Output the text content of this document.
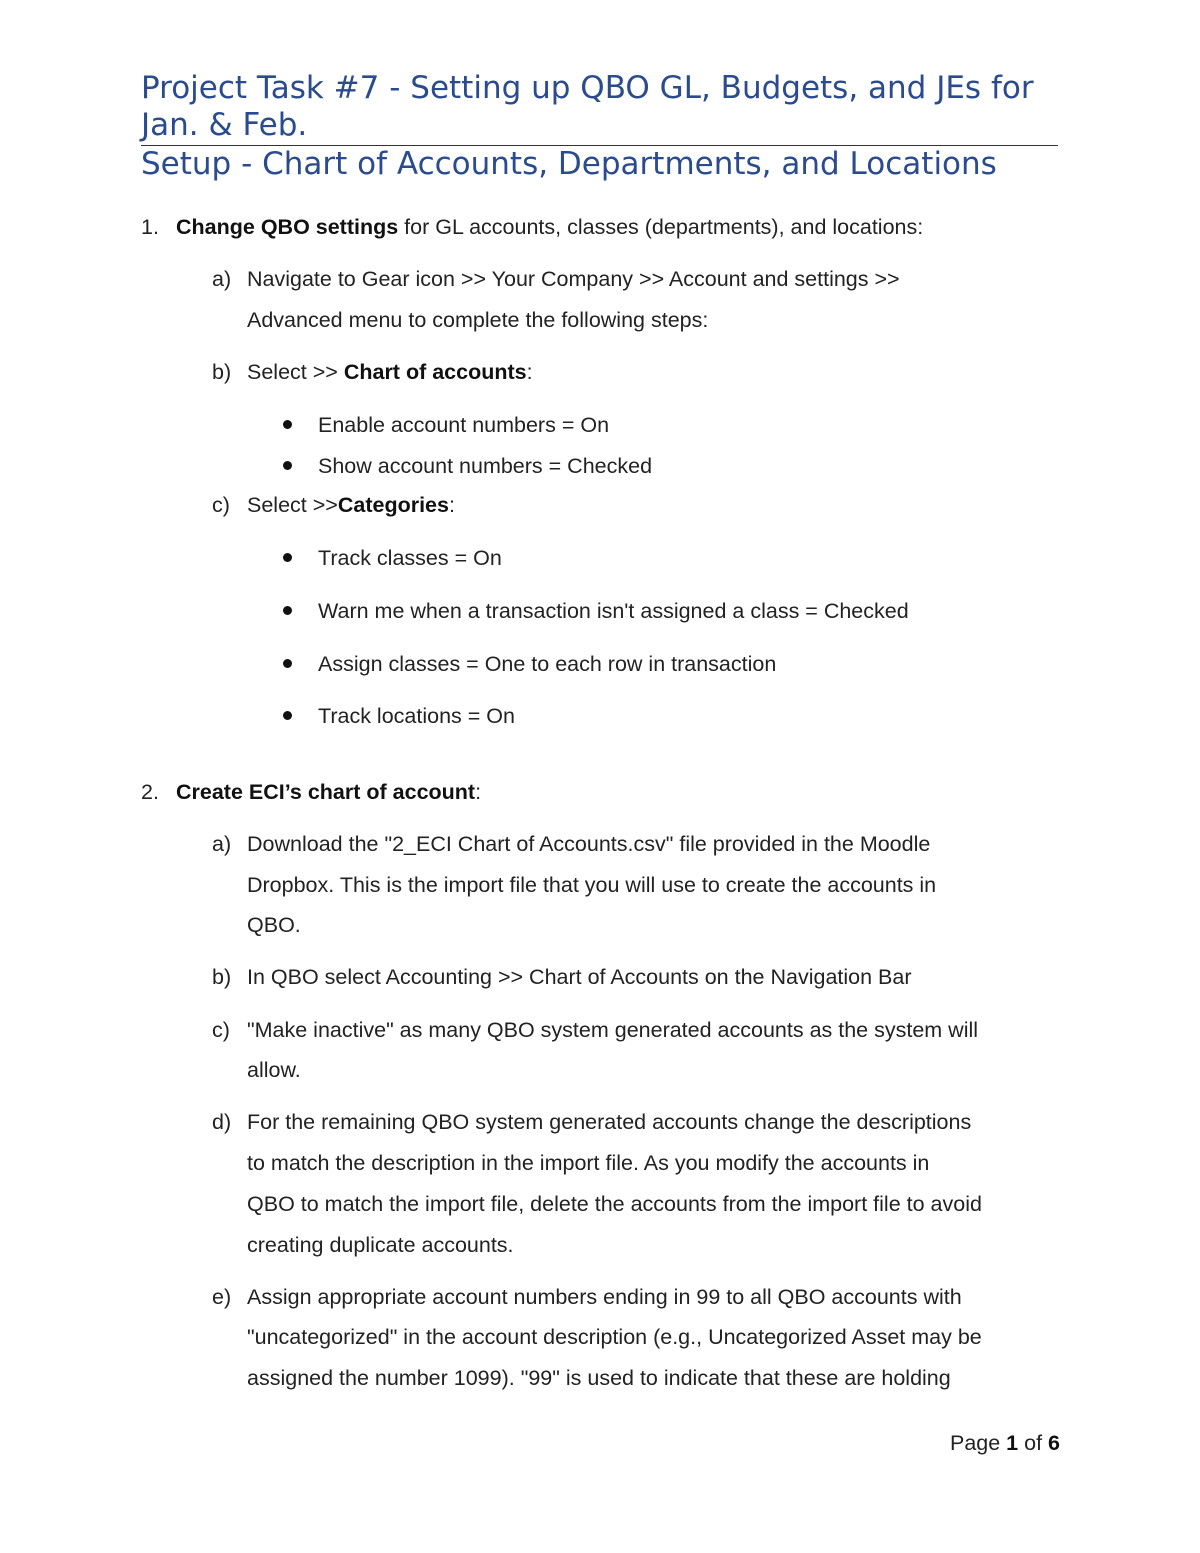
Project Task #7 - Setting up QBO GL, Budgets, and JEs for Jan. & Feb.
Setup - Chart of Accounts, Departments, and Locations
1. Change QBO settings for GL accounts, classes (departments), and locations:
a) Navigate to Gear icon >> Your Company >> Account and settings >>
Advanced menu to complete the following steps:
b) Select >> Chart of accounts:
Enable account numbers = On
Show account numbers = Checked
c) Select >>Categories:
Track classes = On
Warn me when a transaction isn't assigned a class = Checked
Assign classes = One to each row in transaction
Track locations = On
2. Create ECI’s chart of account:
a) Download the "2_ECI Chart of Accounts.csv" file provided in the Moodle
Dropbox. This is the import file that you will use to create the accounts in
QBO.
b) In QBO select Accounting >> Chart of Accounts on the Navigation Bar
c) "Make inactive" as many QBO system generated accounts as the system will
allow.
d) For the remaining QBO system generated accounts change the descriptions
to match the description in the import file. As you modify the accounts in
QBO to match the import file, delete the accounts from the import file to avoid
creating duplicate accounts.
e) Assign appropriate account numbers ending in 99 to all QBO accounts with
"uncategorized" in the account description (e.g., Uncategorized Asset may be
assigned the number 1099). "99" is used to indicate that these are holding
Page 1 of 6
